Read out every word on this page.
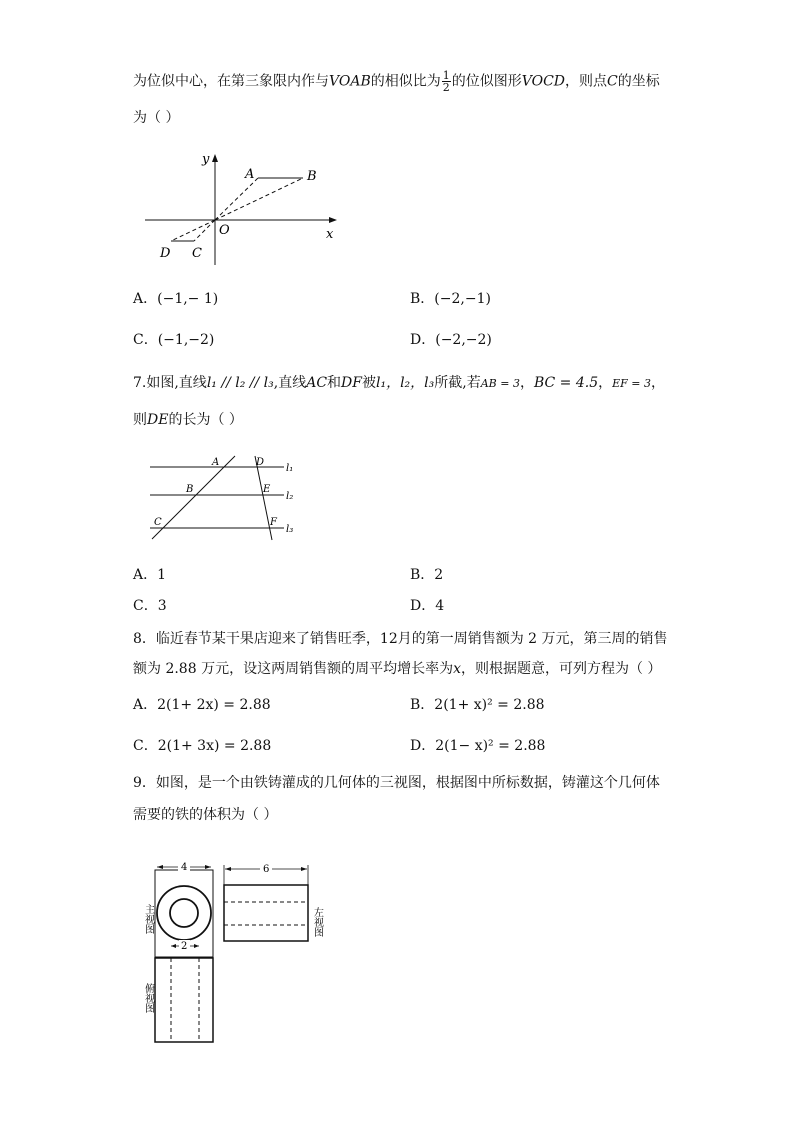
为位似中心，在第三象限内作与VOAB的相似比为 $\frac{1}{2}$ 的位似图形VOCD，则点C的坐标
为（ ）
y
x
A	B
O
D C
A．(−1,− 1)	B．(−2,−1)
C．(−1,−2)	D．(−2,−2)
7.如图,直线l₁ // l₂ // l₃,直线AC和DF被l₁，l₂，l₃所截,若AB = 3，BC = 4.5，EF = 3，
则DE的长为（ ）
A	D
l₁
B	E
l₂
C	F
l₃
A．1	B．2
C．3	D．4
8．临近春节某干果店迎来了销售旺季，12月的第一周销售额为 2 万元，第三周的销售
额为 2.88 万元，设这两周销售额的周平均增长率为x，则根据题意，可列方程为（ ）
A．2(1+ 2x) = 2.88	B．2(1+ x)² = 2.88
C．2(1+ 3x) = 2.88	D．2(1− x)² = 2.88
9．如图，是一个由铁铸灌成的几何体的三视图，根据图中所标数据，铸灌这个几何体
需要的铁的体积为（ ）
4
2
6
主视图	左视图
俯视图
